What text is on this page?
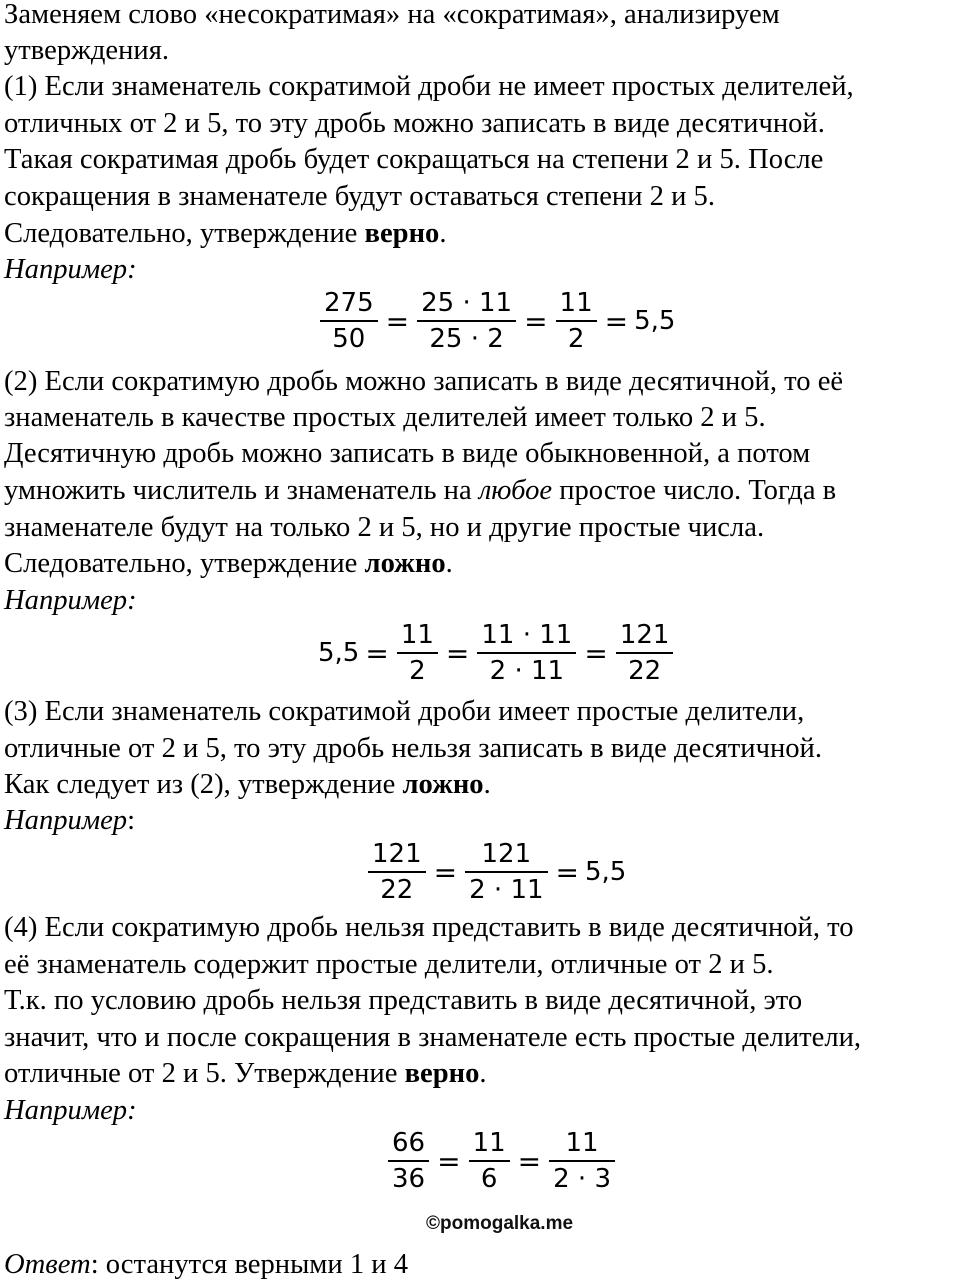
Заменяем слово «несократимая» на «сократимая», анализируем
утверждения.
(1) Если знаменатель сократимой дроби не имеет простых делителей,
отличных от 2 и 5, то эту дробь можно записать в виде десятичной.
Такая сократимая дробь будет сокращаться на степени 2 и 5. После
сокращения в знаменателе будут оставаться степени 2 и 5.
Следовательно, утверждение верно.
Например:
$\frac{275}{50} = \frac{25 \cdot 11}{25 \cdot 2} = \frac{11}{2} = 5,5$
(2) Если сократимую дробь можно записать в виде десятичной, то её
знаменатель в качестве простых делителей имеет только 2 и 5.
Десятичную дробь можно записать в виде обыкновенной, а потом
умножить числитель и знаменатель на любое простое число. Тогда в
знаменателе будут на только 2 и 5, но и другие простые числа.
Следовательно, утверждение ложно.
Например:
$5,5 = \frac{11}{2} = \frac{11 \cdot 11}{2 \cdot 11} = \frac{121}{22}$
(3) Если знаменатель сократимой дроби имеет простые делители,
отличные от 2 и 5, то эту дробь нельзя записать в виде десятичной.
Как следует из (2), утверждение ложно.
Например:
$\frac{121}{22} = \frac{121}{2 \cdot 11} = 5,5$
(4) Если сократимую дробь нельзя представить в виде десятичной, то
её знаменатель содержит простые делители, отличные от 2 и 5.
Т.к. по условию дробь нельзя представить в виде десятичной, это
значит, что и после сокращения в знаменателе есть простые делители,
отличные от 2 и 5. Утверждение верно.
Например:
$\frac{66}{36} = \frac{11}{6} = \frac{11}{2 \cdot 3}$
©pomogalka.me
Ответ: останутся верными 1 и 4
